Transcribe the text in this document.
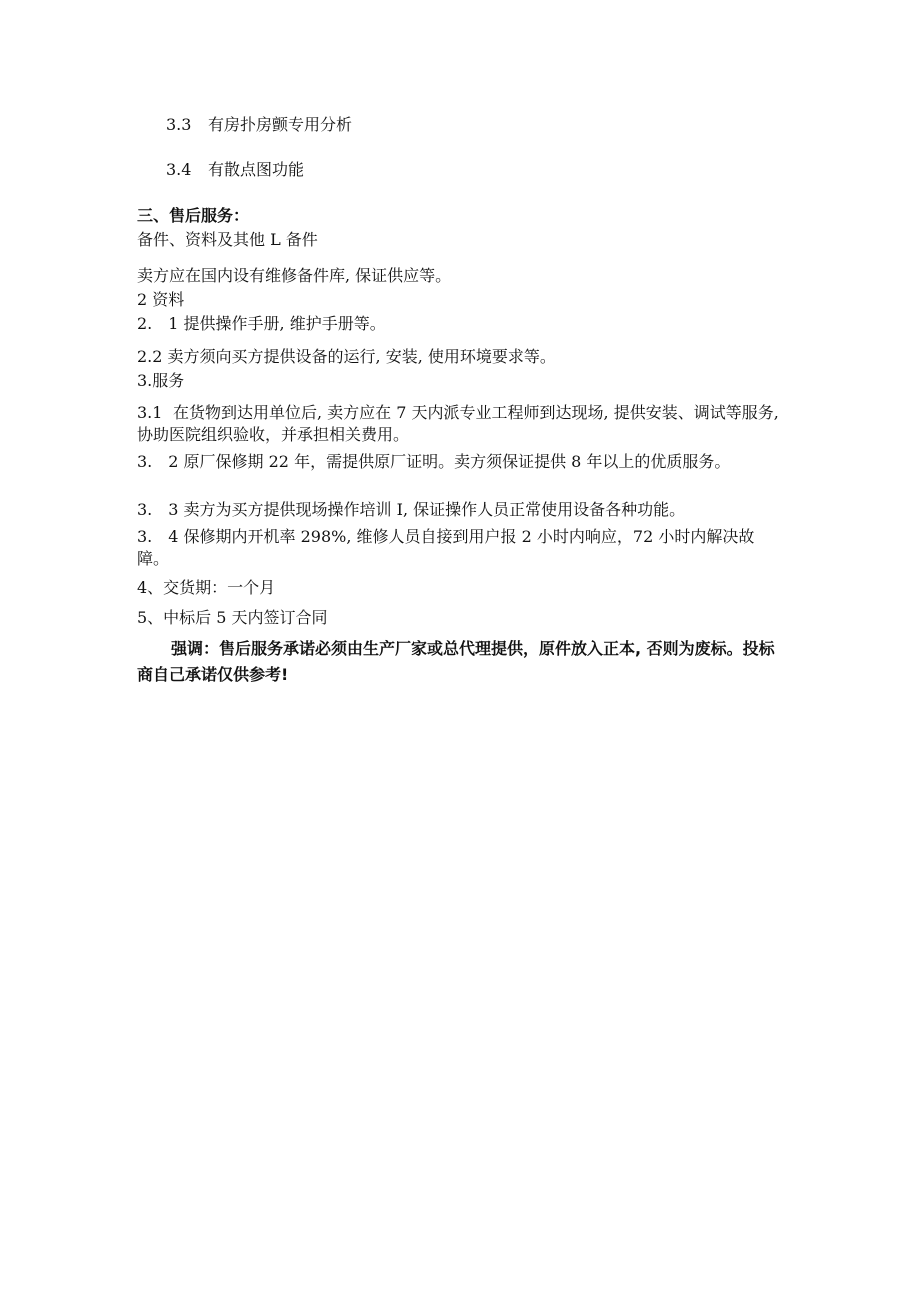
3.3 有房扑房颤专用分析
3.4 有散点图功能
三、售后服务：
备件、资料及其他 L 备件
卖方应在国内设有维修备件库, 保证供应等。
2 资料
2.　1 提供操作手册, 维护手册等。
2.2 卖方须向买方提供设备的运行, 安装, 使用环境要求等。
3.服务
3.1 在货物到达用单位后, 卖方应在 7 天内派专业工程师到达现场, 提供安装、调试等服务, 协助医院组织验收，并承担相关费用。
3.　2 原厂保修期 22 年，需提供原厂证明。卖方须保证提供 8 年以上的优质服务。
3.　3 卖方为买方提供现场操作培训 I, 保证操作人员正常使用设备各种功能。
3.　4 保修期内开机率 298%, 维修人员自接到用户报 2 小时内响应，72 小时内解决故障。
4、交货期：一个月
5、中标后 5 天内签订合同
强调：售后服务承诺必须由生产厂家或总代理提供，原件放入正本, 否则为废标。投标商自己承诺仅供参考!
